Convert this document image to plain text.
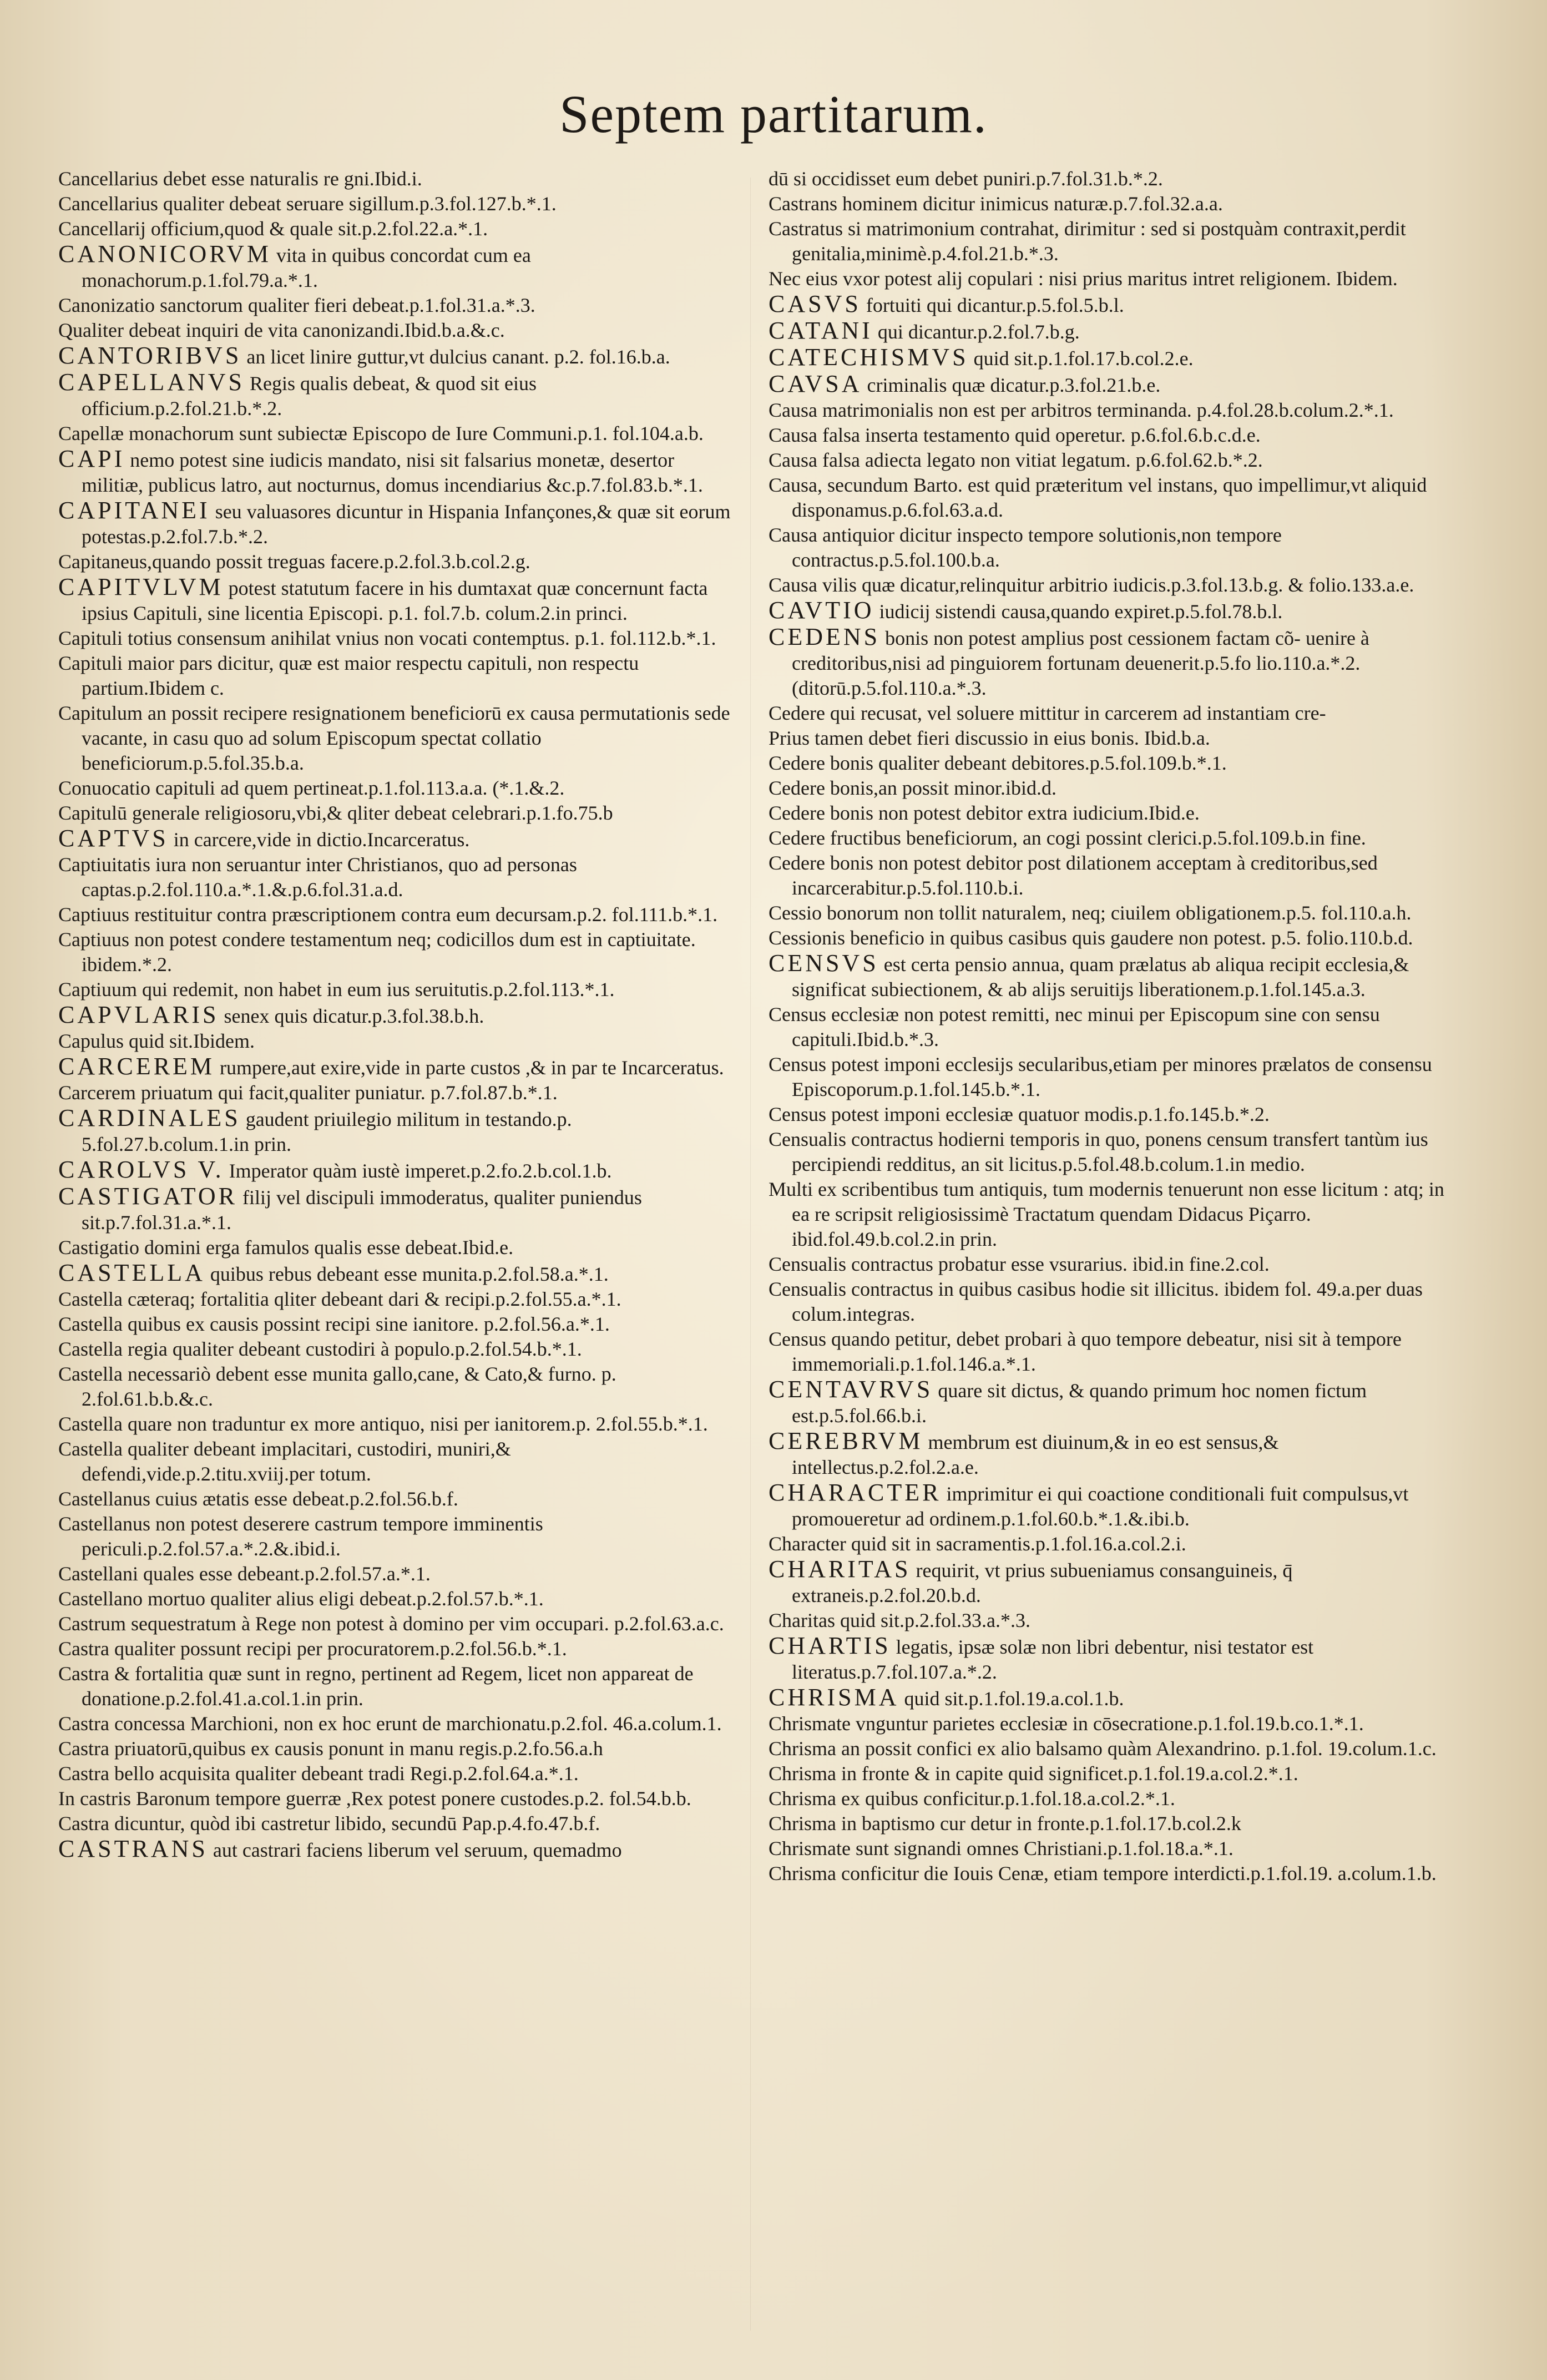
Septem partitarum.

Cancellarius debet esse naturalis re gni.Ibid.i.

Cancellarius qualiter debeat seruare sigillum.p.3.fol.127.b.*.1.

Cancellarij officium,quod & quale sit.p.2.fol.22.a.*.1.

CANONICORVM vita in quibus concordat cum ea monachorum.p.1.fol.79.a.*.1.

Canonizatio sanctorum qualiter fieri debeat.p.1.fol.31.a.*.3.

Qualiter debeat inquiri de vita canonizandi.Ibid.b.a.&.c.

CANTORIBVS an licet linire guttur,vt dulcius canant. p.2. fol.16.b.a.

CAPELLANVS Regis qualis debeat, & quod sit eius officium.p.2.fol.21.b.*.2.

Capellæ monachorum sunt subiectæ Episcopo de Iure Communi.p.1. fol.104.a.b.

CAPI nemo potest sine iudicis mandato, nisi sit falsarius monetæ, desertor militiæ, publicus latro, aut nocturnus, domus incendiarius &c.p.7.fol.83.b.*.1.

CAPITANEI seu valuasores dicuntur in Hispania Infançones,& quæ sit eorum potestas.p.2.fol.7.b.*.2.

Capitaneus,quando possit treguas facere.p.2.fol.3.b.col.2.g.

CAPITVLVM potest statutum facere in his dumtaxat quæ concernunt facta ipsius Capituli, sine licentia Episcopi. p.1. fol.7.b. colum.2.in princi.

Capituli totius consensum anihilat vnius non vocati contemptus. p.1. fol.112.b.*.1.

Capituli maior pars dicitur, quæ est maior respectu capituli, non respectu partium.Ibidem c.

Capitulum an possit recipere resignationem beneficiorū ex causa permutationis sede vacante, in casu quo ad solum Episcopum spectat collatio beneficiorum.p.5.fol.35.b.a.

Conuocatio capituli ad quem pertineat.p.1.fol.113.a.a. (*.1.&.2.

Capitulū generale religiosoru,vbi,& qliter debeat celebrari.p.1.fo.75.b

CAPTVS in carcere,vide in dictio.Incarceratus.

Captiuitatis iura non seruantur inter Christianos, quo ad personas captas.p.2.fol.110.a.*.1.&.p.6.fol.31.a.d.

Captiuus restituitur contra præscriptionem contra eum decursam.p.2. fol.111.b.*.1.

Captiuus non potest condere testamentum neq; codicillos dum est in captiuitate. ibidem.*.2.

Captiuum qui redemit, non habet in eum ius seruitutis.p.2.fol.113.*.1.

CAPVLARIS senex quis dicatur.p.3.fol.38.b.h.

Capulus quid sit.Ibidem.

CARCEREM rumpere,aut exire,vide in parte custos ,& in par te Incarceratus.

Carcerem priuatum qui facit,qualiter puniatur. p.7.fol.87.b.*.1.

CARDINALES gaudent priuilegio militum in testando.p. 5.fol.27.b.colum.1.in prin.

CAROLVS V. Imperator quàm iustè imperet.p.2.fo.2.b.col.1.b.

CASTIGATOR filij vel discipuli immoderatus, qualiter puniendus sit.p.7.fol.31.a.*.1.

Castigatio domini erga famulos qualis esse debeat.Ibid.e.

CASTELLA quibus rebus debeant esse munita.p.2.fol.58.a.*.1.

Castella cæteraq; fortalitia qliter debeant dari & recipi.p.2.fol.55.a.*.1.

Castella quibus ex causis possint recipi sine ianitore. p.2.fol.56.a.*.1.

Castella regia qualiter debeant custodiri à populo.p.2.fol.54.b.*.1.

Castella necessariò debent esse munita gallo,cane, & Cato,& furno. p. 2.fol.61.b.b.&.c.

Castella quare non traduntur ex more antiquo, nisi per ianitorem.p. 2.fol.55.b.*.1.

Castella qualiter debeant implacitari, custodiri, muniri,& defendi,vide.p.2.titu.xviij.per totum.

Castellanus cuius ætatis esse debeat.p.2.fol.56.b.f.

Castellanus non potest deserere castrum tempore imminentis periculi.p.2.fol.57.a.*.2.&.ibid.i.

Castellani quales esse debeant.p.2.fol.57.a.*.1.

Castellano mortuo qualiter alius eligi debeat.p.2.fol.57.b.*.1.

Castrum sequestratum à Rege non potest à domino per vim occupari. p.2.fol.63.a.c.

Castra qualiter possunt recipi per procuratorem.p.2.fol.56.b.*.1.

Castra & fortalitia quæ sunt in regno, pertinent ad Regem, licet non appareat de donatione.p.2.fol.41.a.col.1.in prin.

Castra concessa Marchioni, non ex hoc erunt de marchionatu.p.2.fol. 46.a.colum.1.

Castra priuatorū,quibus ex causis ponunt in manu regis.p.2.fo.56.a.h

Castra bello acquisita qualiter debeant tradi Regi.p.2.fol.64.a.*.1.

In castris Baronum tempore guerræ ,Rex potest ponere custodes.p.2. fol.54.b.b.

Castra dicuntur, quòd ibi castretur libido, secundū Pap.p.4.fo.47.b.f.

CASTRANS aut castrari faciens liberum vel seruum, quemadmo

dū si occidisset eum debet puniri.p.7.fol.31.b.*.2.

Castrans hominem dicitur inimicus naturæ.p.7.fol.32.a.a.

Castratus si matrimonium contrahat, dirimitur : sed si postquàm contraxit,perdit genitalia,minimè.p.4.fol.21.b.*.3.

Nec eius vxor potest alij copulari : nisi prius maritus intret religionem. Ibidem.

CASVS fortuiti qui dicantur.p.5.fol.5.b.l.

CATANI qui dicantur.p.2.fol.7.b.g.

CATECHISMVS quid sit.p.1.fol.17.b.col.2.e.

CAVSA criminalis quæ dicatur.p.3.fol.21.b.e.

Causa matrimonialis non est per arbitros terminanda. p.4.fol.28.b.colum.2.*.1.

Causa falsa inserta testamento quid operetur. p.6.fol.6.b.c.d.e.

Causa falsa adiecta legato non vitiat legatum. p.6.fol.62.b.*.2.

Causa, secundum Barto. est quid præteritum vel instans, quo impellimur,vt aliquid disponamus.p.6.fol.63.a.d.

Causa antiquior dicitur inspecto tempore solutionis,non tempore contractus.p.5.fol.100.b.a.

Causa vilis quæ dicatur,relinquitur arbitrio iudicis.p.3.fol.13.b.g. & folio.133.a.e.

CAVTIO iudicij sistendi causa,quando expiret.p.5.fol.78.b.l.

CEDENS bonis non potest amplius post cessionem factam cõ- uenire à creditoribus,nisi ad pinguiorem fortunam deuenerit.p.5.fo lio.110.a.*.2. (ditorū.p.5.fol.110.a.*.3.

Cedere qui recusat, vel soluere mittitur in carcerem ad instantiam cre-

Prius tamen debet fieri discussio in eius bonis. Ibid.b.a.

Cedere bonis qualiter debeant debitores.p.5.fol.109.b.*.1.

Cedere bonis,an possit minor.ibid.d.

Cedere bonis non potest debitor extra iudicium.Ibid.e.

Cedere fructibus beneficiorum, an cogi possint clerici.p.5.fol.109.b.in fine.

Cedere bonis non potest debitor post dilationem acceptam à creditoribus,sed incarcerabitur.p.5.fol.110.b.i.

Cessio bonorum non tollit naturalem, neq; ciuilem obligationem.p.5. fol.110.a.h.

Cessionis beneficio in quibus casibus quis gaudere non potest. p.5. folio.110.b.d.

CENSVS est certa pensio annua, quam prælatus ab aliqua recipit ecclesia,& significat subiectionem, & ab alijs seruitijs liberationem.p.1.fol.145.a.3.

Census ecclesiæ non potest remitti, nec minui per Episcopum sine con sensu capituli.Ibid.b.*.3.

Census potest imponi ecclesijs secularibus,etiam per minores prælatos de consensu Episcoporum.p.1.fol.145.b.*.1.

Census potest imponi ecclesiæ quatuor modis.p.1.fo.145.b.*.2.

Censualis contractus hodierni temporis in quo, ponens censum transfert tantùm ius percipiendi redditus, an sit licitus.p.5.fol.48.b.colum.1.in medio.

Multi ex scribentibus tum antiquis, tum modernis tenuerunt non esse licitum : atq; in ea re scripsit religiosissimè Tractatum quendam Didacus Piçarro. ibid.fol.49.b.col.2.in prin.

Censualis contractus probatur esse vsurarius. ibid.in fine.2.col.

Censualis contractus in quibus casibus hodie sit illicitus. ibidem fol. 49.a.per duas colum.integras.

Census quando petitur, debet probari à quo tempore debeatur, nisi sit à tempore immemoriali.p.1.fol.146.a.*.1.

CENTAVRVS quare sit dictus, & quando primum hoc nomen fictum est.p.5.fol.66.b.i.

CEREBRVM membrum est diuinum,& in eo est sensus,& intellectus.p.2.fol.2.a.e.

CHARACTER imprimitur ei qui coactione conditionali fuit compulsus,vt promoueretur ad ordinem.p.1.fol.60.b.*.1.&.ibi.b.

Character quid sit in sacramentis.p.1.fol.16.a.col.2.i.

CHARITAS requirit, vt prius subueniamus consanguineis, q̄ extraneis.p.2.fol.20.b.d.

Charitas quid sit.p.2.fol.33.a.*.3.

CHARTIS legatis, ipsæ solæ non libri debentur, nisi testator est literatus.p.7.fol.107.a.*.2.

CHRISMA quid sit.p.1.fol.19.a.col.1.b.

Chrismate vnguntur parietes ecclesiæ in cōsecratione.p.1.fol.19.b.co.1.*.1.

Chrisma an possit confici ex alio balsamo quàm Alexandrino. p.1.fol. 19.colum.1.c.

Chrisma in fronte & in capite quid significet.p.1.fol.19.a.col.2.*.1.

Chrisma ex quibus conficitur.p.1.fol.18.a.col.2.*.1.

Chrisma in baptismo cur detur in fronte.p.1.fol.17.b.col.2.k

Chrismate sunt signandi omnes Christiani.p.1.fol.18.a.*.1.

Chrisma conficitur die Iouis Cenæ, etiam tempore interdicti.p.1.fol.19. a.colum.1.b.
